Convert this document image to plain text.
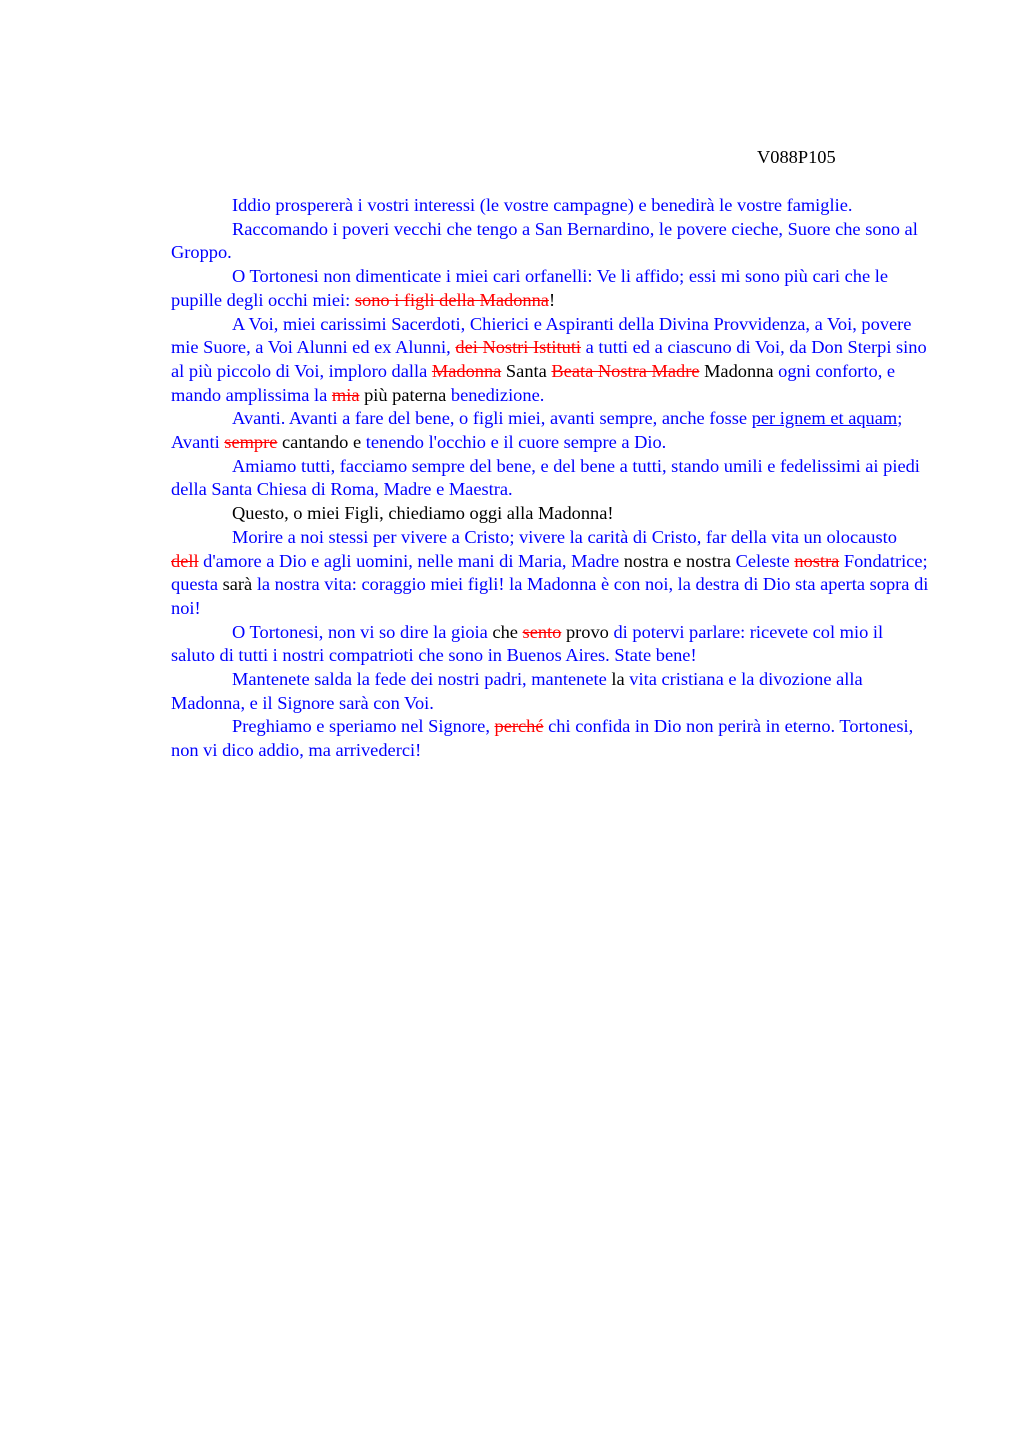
V088P105

Iddio prospererà i vostri interessi (le vostre campagne) e benedirà le vostre famiglie.

Raccomando i poveri vecchi che tengo a San Bernardino, le povere cieche, Suore che sono al Groppo.

O Tortonesi non dimenticate i miei cari orfanelli: Ve li affido; essi mi sono più cari che le pupille degli occhi miei: sono i figli della Madonna!

A Voi, miei carissimi Sacerdoti, Chierici e Aspiranti della Divina Provvidenza, a Voi, povere mie Suore, a Voi Alunni ed ex Alunni, dei Nostri Istituti a tutti ed a ciascuno di Voi, da Don Sterpi sino al più piccolo di Voi, imploro dalla Madonna Santa Beata Nostra Madre Madonna ogni conforto, e mando amplissima la mia più paterna benedizione.

Avanti. Avanti a fare del bene, o figli miei, avanti sempre, anche fosse per ignem et aquam; Avanti sempre cantando e tenendo l'occhio e il cuore sempre a Dio.

Amiamo tutti, facciamo sempre del bene, e del bene a tutti, stando umili e fedelissimi ai piedi della Santa Chiesa di Roma, Madre e Maestra.

Questo, o miei Figli, chiediamo oggi alla Madonna!

Morire a noi stessi per vivere a Cristo; vivere la carità di Cristo, far della vita un olocausto dell d'amore a Dio e agli uomini, nelle mani di Maria, Madre nostra e nostra Celeste nostra Fondatrice; questa sarà la nostra vita: coraggio miei figli! la Madonna è con noi, la destra di Dio sta aperta sopra di noi!

O Tortonesi, non vi so dire la gioia che sento provo di potervi parlare: ricevete col mio il saluto di tutti i nostri compatrioti che sono in Buenos Aires. State bene!

Mantenete salda la fede dei nostri padri, mantenete la vita cristiana e la divozione alla Madonna, e il Signore sarà con Voi.

Preghiamo e speriamo nel Signore, perché chi confida in Dio non perirà in eterno. Tortonesi, non vi dico addio, ma arrivederci!
